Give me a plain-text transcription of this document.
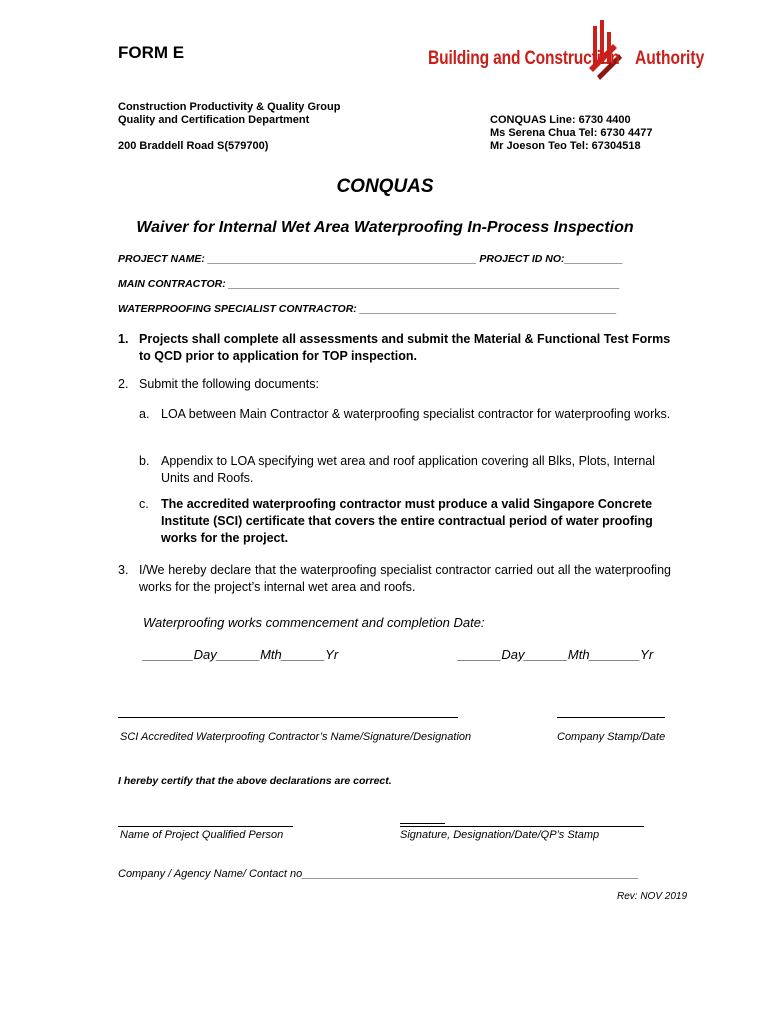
FORM E	Building and Construction Authority
Construction Productivity & Quality Group
Quality and Certification Department
200 Braddell Road S(579700)
CONQUAS Line: 6730 4400
Ms Serena Chua Tel: 6730 4477
Mr Joeson Teo Tel: 67304518
CONQUAS
Waiver for Internal Wet Area Waterproofing In-Process Inspection
PROJECT NAME: ______________________________________________ PROJECT ID NO:__________
MAIN CONTRACTOR: ___________________________________________________________________
WATERPROOFING SPECIALIST CONTRACTOR: ____________________________________________
1. Projects shall complete all assessments and submit the Material & Functional Test Forms to QCD prior to application for TOP inspection.
2. Submit the following documents:
a. LOA between Main Contractor & waterproofing specialist contractor for waterproofing works.
b. Appendix to LOA specifying wet area and roof application covering all Blks, Plots, Internal Units and Roofs.
c. The accredited waterproofing contractor must produce a valid Singapore Concrete Institute (SCI) certificate that covers the entire contractual period of water proofing works for the project.
3. I/We hereby declare that the waterproofing specialist contractor carried out all the waterproofing works for the project’s internal wet area and roofs.
Waterproofing works commencement and completion Date:
_______Day______Mth______Yr	______Day______Mth_______Yr
SCI Accredited Waterproofing Contractor’s Name/Signature/Designation	Company Stamp/Date
I hereby certify that the above declarations are correct.
Name of Project Qualified Person	Signature, Designation/Date/QP’s Stamp
Company / Agency Name/ Contact no_______________________________________________________
Rev: NOV 2019
